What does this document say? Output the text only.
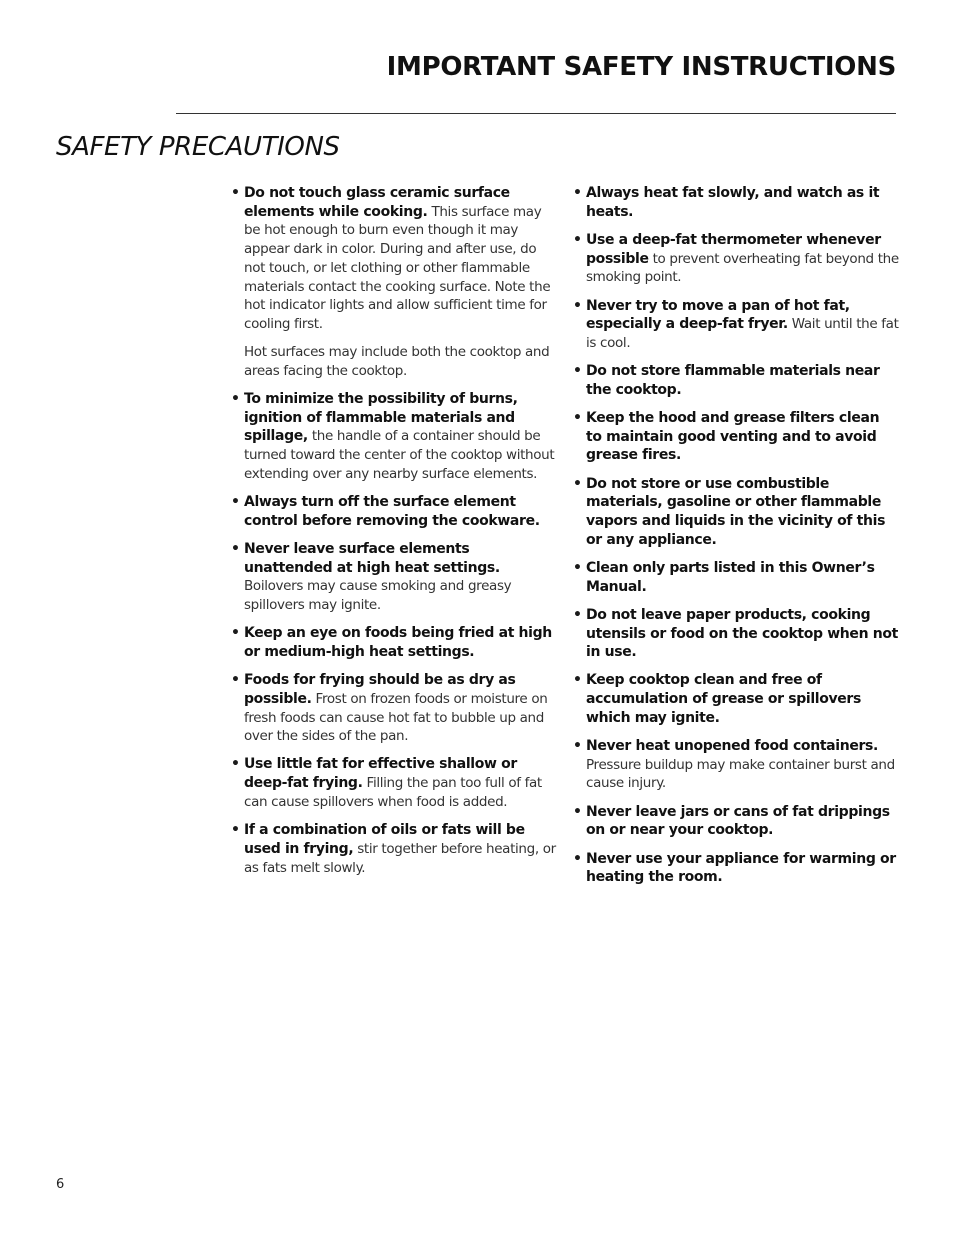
IMPORTANT SAFETY INSTRUCTIONS
SAFETY PRECAUTIONS
• Do not touch glass ceramic surface elements while cooking. This surface may be hot enough to burn even though it may appear dark in color. During and after use, do not touch, or let clothing or other flammable materials contact the cooking surface. Note the hot indicator lights and allow sufficient time for cooling first.
Hot surfaces may include both the cooktop and areas facing the cooktop.
• To minimize the possibility of burns, ignition of flammable materials and spillage, the handle of a container should be turned toward the center of the cooktop without extending over any nearby surface elements.
• Always turn off the surface element control before removing the cookware.
• Never leave surface elements unattended at high heat settings. Boilovers may cause smoking and greasy spillovers may ignite.
• Keep an eye on foods being fried at high or medium-high heat settings.
• Foods for frying should be as dry as possible. Frost on frozen foods or moisture on fresh foods can cause hot fat to bubble up and over the sides of the pan.
• Use little fat for effective shallow or deep-fat frying. Filling the pan too full of fat can cause spillovers when food is added.
• If a combination of oils or fats will be used in frying, stir together before heating, or as fats melt slowly.
• Always heat fat slowly, and watch as it heats.
• Use a deep-fat thermometer whenever possible to prevent overheating fat beyond the smoking point.
• Never try to move a pan of hot fat, especially a deep-fat fryer. Wait until the fat is cool.
• Do not store flammable materials near the cooktop.
• Keep the hood and grease filters clean to maintain good venting and to avoid grease fires.
• Do not store or use combustible materials, gasoline or other flammable vapors and liquids in the vicinity of this or any appliance.
• Clean only parts listed in this Owner’s Manual.
• Do not leave paper products, cooking utensils or food on the cooktop when not in use.
• Keep cooktop clean and free of accumulation of grease or spillovers which may ignite.
• Never heat unopened food containers. Pressure buildup may make container burst and cause injury.
• Never leave jars or cans of fat drippings on or near your cooktop.
• Never use your appliance for warming or heating the room.
6
